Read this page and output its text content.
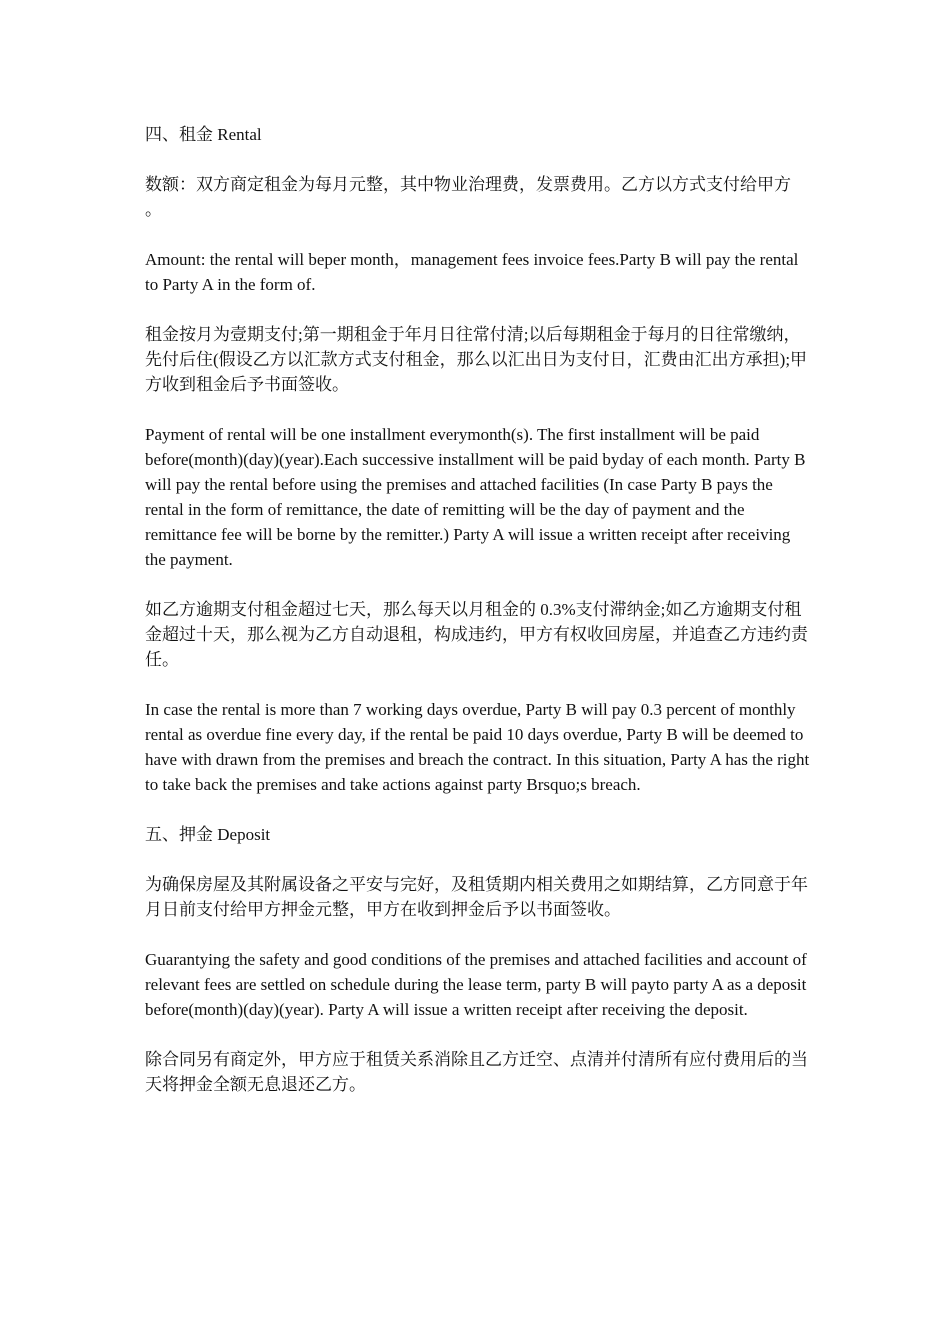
四、租金 Rental

数额：双方商定租金为每月元整，其中物业治理费，发票费用。乙方以方式支付给甲方 。

Amount: the rental will beper month，management fees invoice fees.Party B will pay the rental to Party A in the form of.

租金按月为壹期支付;第一期租金于年月日往常付清;以后每期租金于每月的日往常缴纳，先付后住(假设乙方以汇款方式支付租金，那么以汇出日为支付日，汇费由汇出方承担);甲方收到租金后予书面签收。

Payment of rental will be one installment everymonth(s). The first installment will be paid before(month)(day)(year).Each successive installment will be paid byday of each month. Party B will pay the rental before using the premises and attached facilities (In case Party B pays the rental in the form of remittance, the date of remitting will be the day of payment and the remittance fee will be borne by the remitter.) Party A will issue a written receipt after receiving the payment.

如乙方逾期支付租金超过七天，那么每天以月租金的 0.3%支付滞纳金;如乙方逾期支付租金超过十天，那么视为乙方自动退租，构成违约，甲方有权收回房屋，并追查乙方违约责任。

In case the rental is more than 7 working days overdue, Party B will pay 0.3 percent of monthly rental as overdue fine every day, if the rental be paid 10 days overdue, Party B will be deemed to have with drawn from the premises and breach the contract. In this situation, Party A has the right to take back the premises and take actions against party Brsquo;s breach.

五、押金 Deposit

为确保房屋及其附属设备之平安与完好，及租赁期内相关费用之如期结算，乙方同意于年月日前支付给甲方押金元整，甲方在收到押金后予以书面签收。

Guarantying the safety and good conditions of the premises and attached facilities and account of relevant fees are settled on schedule during the lease term, party B will payto party A as a deposit before(month)(day)(year). Party A will issue a written receipt after receiving the deposit.

除合同另有商定外，甲方应于租赁关系消除且乙方迁空、点清并付清所有应付费用后的当天将押金全额无息退还乙方。
